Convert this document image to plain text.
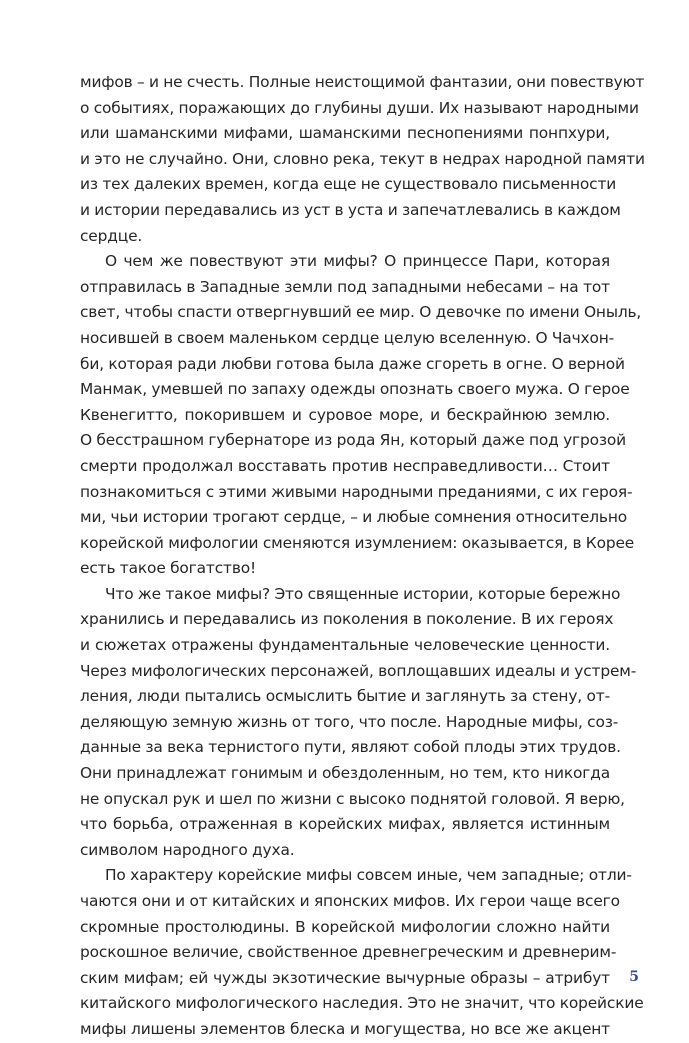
мифов – и не счесть. Полные неистощимой фантазии, они повествуют
о событиях, поражающих до глубины души. Их называют народными
или шаманскими мифами, шаманскими песнопениями понпхури,
и это не случайно. Они, словно река, текут в недрах народной памяти
из тех далеких времен, когда еще не существовало письменности
и истории передавались из уст в уста и запечатлевались в каждом
сердце.
О чем же повествуют эти мифы? О принцессе Пари, которая
отправилась в Западные земли под западными небесами – на тот
свет, чтобы спасти отвергнувший ее мир. О девочке по имени Оныль,
носившей в своем маленьком сердце целую вселенную. О Чачхон-
би, которая ради любви готова была даже сгореть в огне. О верной
Манмак, умевшей по запаху одежды опознать своего мужа. О герое
Квенегитто, покорившем и суровое море, и бескрайнюю землю.
О бесстрашном губернаторе из рода Ян, который даже под угрозой
смерти продолжал восставать против несправедливости… Стоит
познакомиться с этими живыми народными преданиями, с их героя-
ми, чьи истории трогают сердце, – и любые сомнения относительно
корейской мифологии сменяются изумлением: оказывается, в Корее
есть такое богатство!
Что же такое мифы? Это священные истории, которые бережно
хранились и передавались из поколения в поколение. В их героях
и сюжетах отражены фундаментальные человеческие ценности.
Через мифологических персонажей, воплощавших идеалы и устрем-
ления, люди пытались осмыслить бытие и заглянуть за стену, от-
деляющую земную жизнь от того, что после. Народные мифы, соз-
данные за века тернистого пути, являют собой плоды этих трудов.
Они принадлежат гонимым и обездоленным, но тем, кто никогда
не опускал рук и шел по жизни с высоко поднятой головой. Я верю,
что борьба, отраженная в корейских мифах, является истинным
символом народного духа.
По характеру корейские мифы совсем иные, чем западные; отли-
чаются они и от китайских и японских мифов. Их герои чаще всего
скромные простолюдины. В корейской мифологии сложно найти
роскошное величие, свойственное древнегреческим и древнерим-
ским мифам; ей чужды экзотические вычурные образы – атрибут
китайского мифологического наследия. Это не значит, что корейские
мифы лишены элементов блеска и могущества, но все же акцент
5
